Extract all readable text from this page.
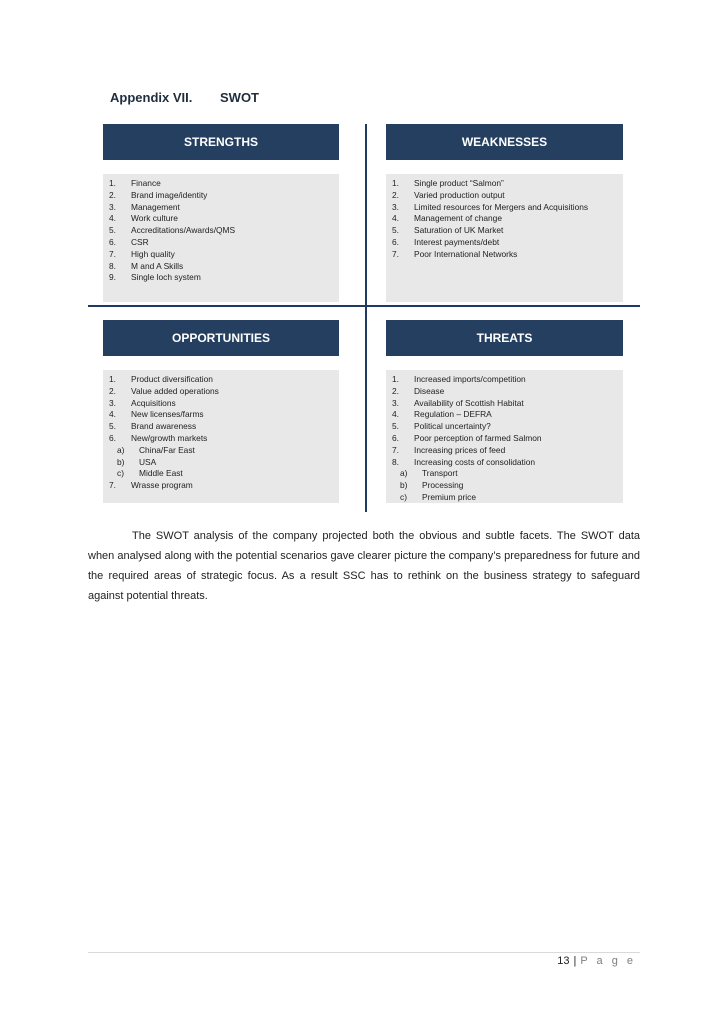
Appendix VII. SWOT
STRENGTHS
1. Finance
2. Brand image/identity
3. Management
4. Work culture
5. Accreditations/Awards/QMS
6. CSR
7. High quality
8. M and A Skills
9. Single loch system
WEAKNESSES
1. Single product “Salmon”
2. Varied production output
3. Limited resources for Mergers and Acquisitions
4. Management of change
5. Saturation of UK Market
6. Interest payments/debt
7. Poor International Networks
OPPORTUNITIES
1. Product diversification
2. Value added operations
3. Acquisitions
4. New licenses/farms
5. Brand awareness
6. New/growth markets
a) China/Far East
b) USA
c) Middle East
7. Wrasse program
THREATS
1. Increased imports/competition
2. Disease
3. Availability of Scottish Habitat
4. Regulation – DEFRA
5. Political uncertainty?
6. Poor perception of farmed Salmon
7. Increasing prices of feed
8. Increasing costs of consolidation
a) Transport
b) Processing
c) Premium price

The SWOT analysis of the company projected both the obvious and subtle facets. The SWOT data when analysed along with the potential scenarios gave clearer picture the company’s preparedness for future and the required areas of strategic focus. As a result SSC has to rethink on the business strategy to safeguard against potential threats.

13 | P a g e
